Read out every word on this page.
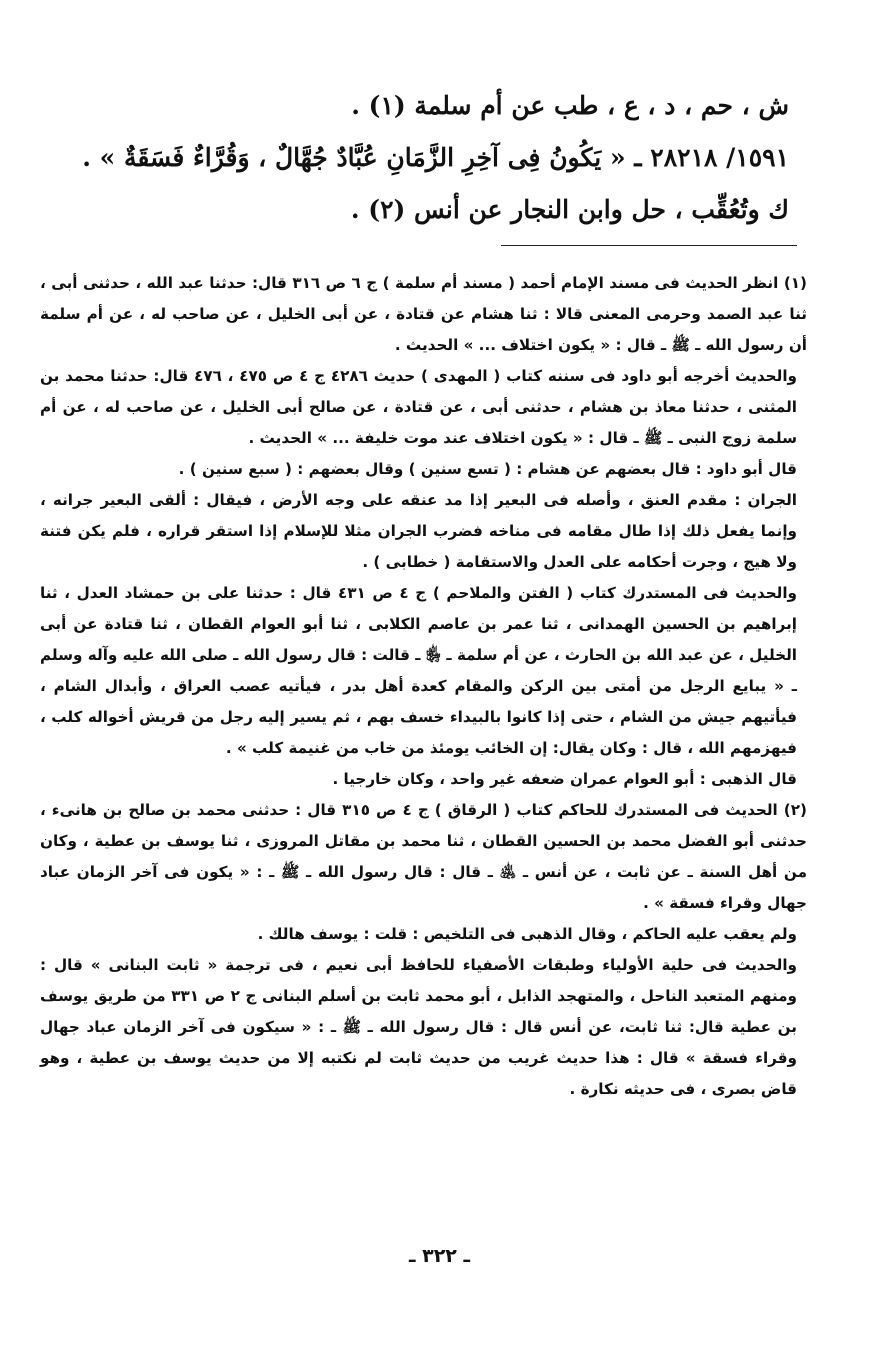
ش ، حم ، د ، ع ، طب عن أم سلمة (١) .

١٥٩١/ ٢٨٢١٨ ـ « يَكُونُ فِى آخِرِ الزَّمَانِ عُبَّادٌ جُهَّالٌ ، وَقُرَّاءٌ فَسَقَةٌ » .

ك وتُعُقِّب ، حل وابن النجار عن أنس (٢) .

(١) انظر الحديث فى مسند الإمام أحمد ( مسند أم سلمة ) ج ٦ ص ٣١٦ قال: حدثنا عبد الله ، حدثنى أبى ، ثنا عبد الصمد وحرمى المعنى قالا : ثنا هشام عن قتادة ، عن أبى الخليل ، عن صاحب له ، عن أم سلمة أن رسول الله ـ ﷺ ـ قال : « يكون اختلاف ... » الحديث .

والحديث أخرجه أبو داود فى سننه كتاب ( المهدى ) حديث ٤٢٨٦ ج ٤ ص ٤٧٥ ، ٤٧٦ قال: حدثنا محمد بن المثنى ، حدثنا معاذ بن هشام ، حدثنى أبى ، عن قتادة ، عن صالح أبى الخليل ، عن صاحب له ، عن أم سلمة زوج النبى ـ ﷺ ـ قال : « يكون اختلاف عند موت خليفة ... » الحديث .

قال أبو داود : قال بعضهم عن هشام : ( تسع سنين ) وقال بعضهم : ( سبع سنين ) .

الجران : مقدم العنق ، وأصله فى البعير إذا مد عنقه على وجه الأرض ، فيقال : ألقى البعير جرانه ، وإنما يفعل ذلك إذا طال مقامه فى مناخه فضرب الجران مثلا للإسلام إذا استقر قراره ، فلم يكن فتنة ولا هيج ، وجرت أحكامه على العدل والاستقامة ( خطابى ) .

والحديث فى المستدرك كتاب ( الفتن والملاحم ) ج ٤ ص ٤٣١ قال : حدثنا على بن حمشاد العدل ، ثنا إبراهيم بن الحسين الهمدانى ، ثنا عمر بن عاصم الكلابى ، ثنا أبو العوام القطان ، ثنا قتادة عن أبى الخليل ، عن عبد الله بن الحارث ، عن أم سلمة ـ ﵂ ـ قالت : قال رسول الله ـ صلى الله عليه وآله وسلم ـ « يبايع الرجل من أمتى بين الركن والمقام كعدة أهل بدر ، فيأتيه عصب العراق ، وأبدال الشام ، فيأتيهم جيش من الشام ، حتى إذا كانوا بالبيداء خسف بهم ، ثم يسير إليه رجل من قريش أخواله كلب ، فيهزمهم الله ، قال : وكان يقال: إن الخائب يومئذ من خاب من غنيمة كلب » .

قال الذهبى : أبو العوام عمران ضعفه غير واحد ، وكان خارجيا .

(٢) الحديث فى المستدرك للحاكم كتاب ( الرقاق ) ج ٤ ص ٣١٥ قال : حدثنى محمد بن صالح بن هانىء ، حدثنى أبو الفضل محمد بن الحسين القطان ، ثنا محمد بن مقاتل المروزى ، ثنا يوسف بن عطية ، وكان من أهل السنة ـ عن ثابت ، عن أنس ـ ﵁ ـ قال : قال رسول الله ـ ﷺ ـ : « يكون فى آخر الزمان عباد جهال وقراء فسقة » .

ولم يعقب عليه الحاكم ، وقال الذهبى فى التلخيص : قلت : يوسف هالك .

والحديث فى حلية الأولياء وطبقات الأصفياء للحافظ أبى نعيم ، فى ترجمة « ثابت البنانى » قال : ومنهم المتعبد الناحل ، والمتهجد الذابل ، أبو محمد ثابت بن أسلم البنانى ج ٢ ص ٣٣١ من طريق يوسف بن عطية قال: ثنا ثابت، عن أنس قال : قال رسول الله ـ ﷺ ـ : « سيكون فى آخر الزمان عباد جهال وقراء فسقة » قال : هذا حديث غريب من حديث ثابت لم نكتبه إلا من حديث يوسف بن عطية ، وهو قاض بصرى ، فى حديثه نكارة .

ـ ٣٢٢ ـ
